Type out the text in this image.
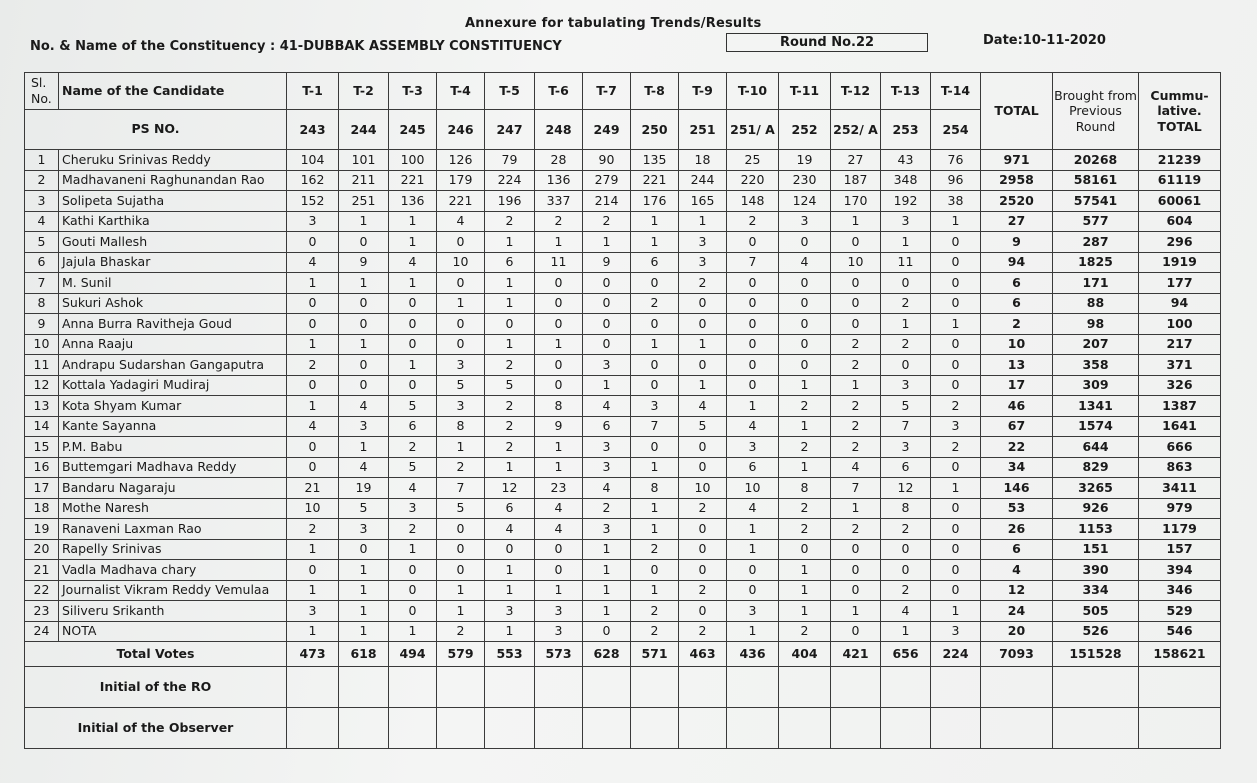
Annexure for tabulating Trends/Results
No. & Name of the Constituency : 41-DUBBAK ASSEMBLY CONSTITUENCY	Round No.22	Date:10-11-2020
Sl. No.	Name of the Candidate	T-1	T-2	T-3	T-4	T-5	T-6	T-7	T-8	T-9	T-10	T-11	T-12	T-13	T-14	TOTAL	Brought from Previous Round	Cummu- lative. TOTAL
PS NO.		243	244	245	246	247	248	249	250	251	251/ A	252	252/ A	253	254			
1	Cheruku Srinivas Reddy	104	101	100	126	79	28	90	135	18	25	19	27	43	76	971	20268	21239
2	Madhavaneni Raghunandan Rao	162	211	221	179	224	136	279	221	244	220	230	187	348	96	2958	58161	61119
3	Solipeta Sujatha	152	251	136	221	196	337	214	176	165	148	124	170	192	38	2520	57541	60061
4	Kathi Karthika	3	1	1	4	2	2	2	1	1	2	3	1	3	1	27	577	604
5	Gouti Mallesh	0	0	1	0	1	1	1	1	3	0	0	0	1	0	9	287	296
6	Jajula Bhaskar	4	9	4	10	6	11	9	6	3	7	4	10	11	0	94	1825	1919
7	M. Sunil	1	1	1	0	1	0	0	0	2	0	0	0	0	0	6	171	177
8	Sukuri Ashok	0	0	0	1	1	0	0	2	0	0	0	0	2	0	6	88	94
9	Anna Burra Ravitheja Goud	0	0	0	0	0	0	0	0	0	0	0	0	1	1	2	98	100
10	Anna Raaju	1	1	0	0	1	1	0	1	1	0	0	2	2	0	10	207	217
11	Andrapu Sudarshan Gangaputra	2	0	1	3	2	0	3	0	0	0	0	2	0	0	13	358	371
12	Kottala Yadagiri Mudiraj	0	0	0	5	5	0	1	0	1	0	1	1	3	0	17	309	326
13	Kota Shyam Kumar	1	4	5	3	2	8	4	3	4	1	2	2	5	2	46	1341	1387
14	Kante Sayanna	4	3	6	8	2	9	6	7	5	4	1	2	7	3	67	1574	1641
15	P.M. Babu	0	1	2	1	2	1	3	0	0	3	2	2	3	2	22	644	666
16	Buttemgari Madhava Reddy	0	4	5	2	1	1	3	1	0	6	1	4	6	0	34	829	863
17	Bandaru Nagaraju	21	19	4	7	12	23	4	8	10	10	8	7	12	1	146	3265	3411
18	Mothe Naresh	10	5	3	5	6	4	2	1	2	4	2	1	8	0	53	926	979
19	Ranaveni Laxman Rao	2	3	2	0	4	4	3	1	0	1	2	2	2	0	26	1153	1179
20	Rapelly Srinivas	1	0	1	0	0	0	1	2	0	1	0	0	0	0	6	151	157
21	Vadla Madhava chary	0	1	0	0	1	0	1	0	0	0	1	0	0	0	4	390	394
22	Journalist Vikram Reddy Vemulaa	1	1	0	1	1	1	1	1	2	0	1	0	2	0	12	334	346
23	Siliveru Srikanth	3	1	0	1	3	3	1	2	0	3	1	1	4	1	24	505	529
24	NOTA	1	1	1	2	1	3	0	2	2	1	2	0	1	3	20	526	546
Total Votes		473	618	494	579	553	573	628	571	463	436	404	421	656	224	7093	151528	158621
Initial of the RO																		
Initial of the Observer																		
